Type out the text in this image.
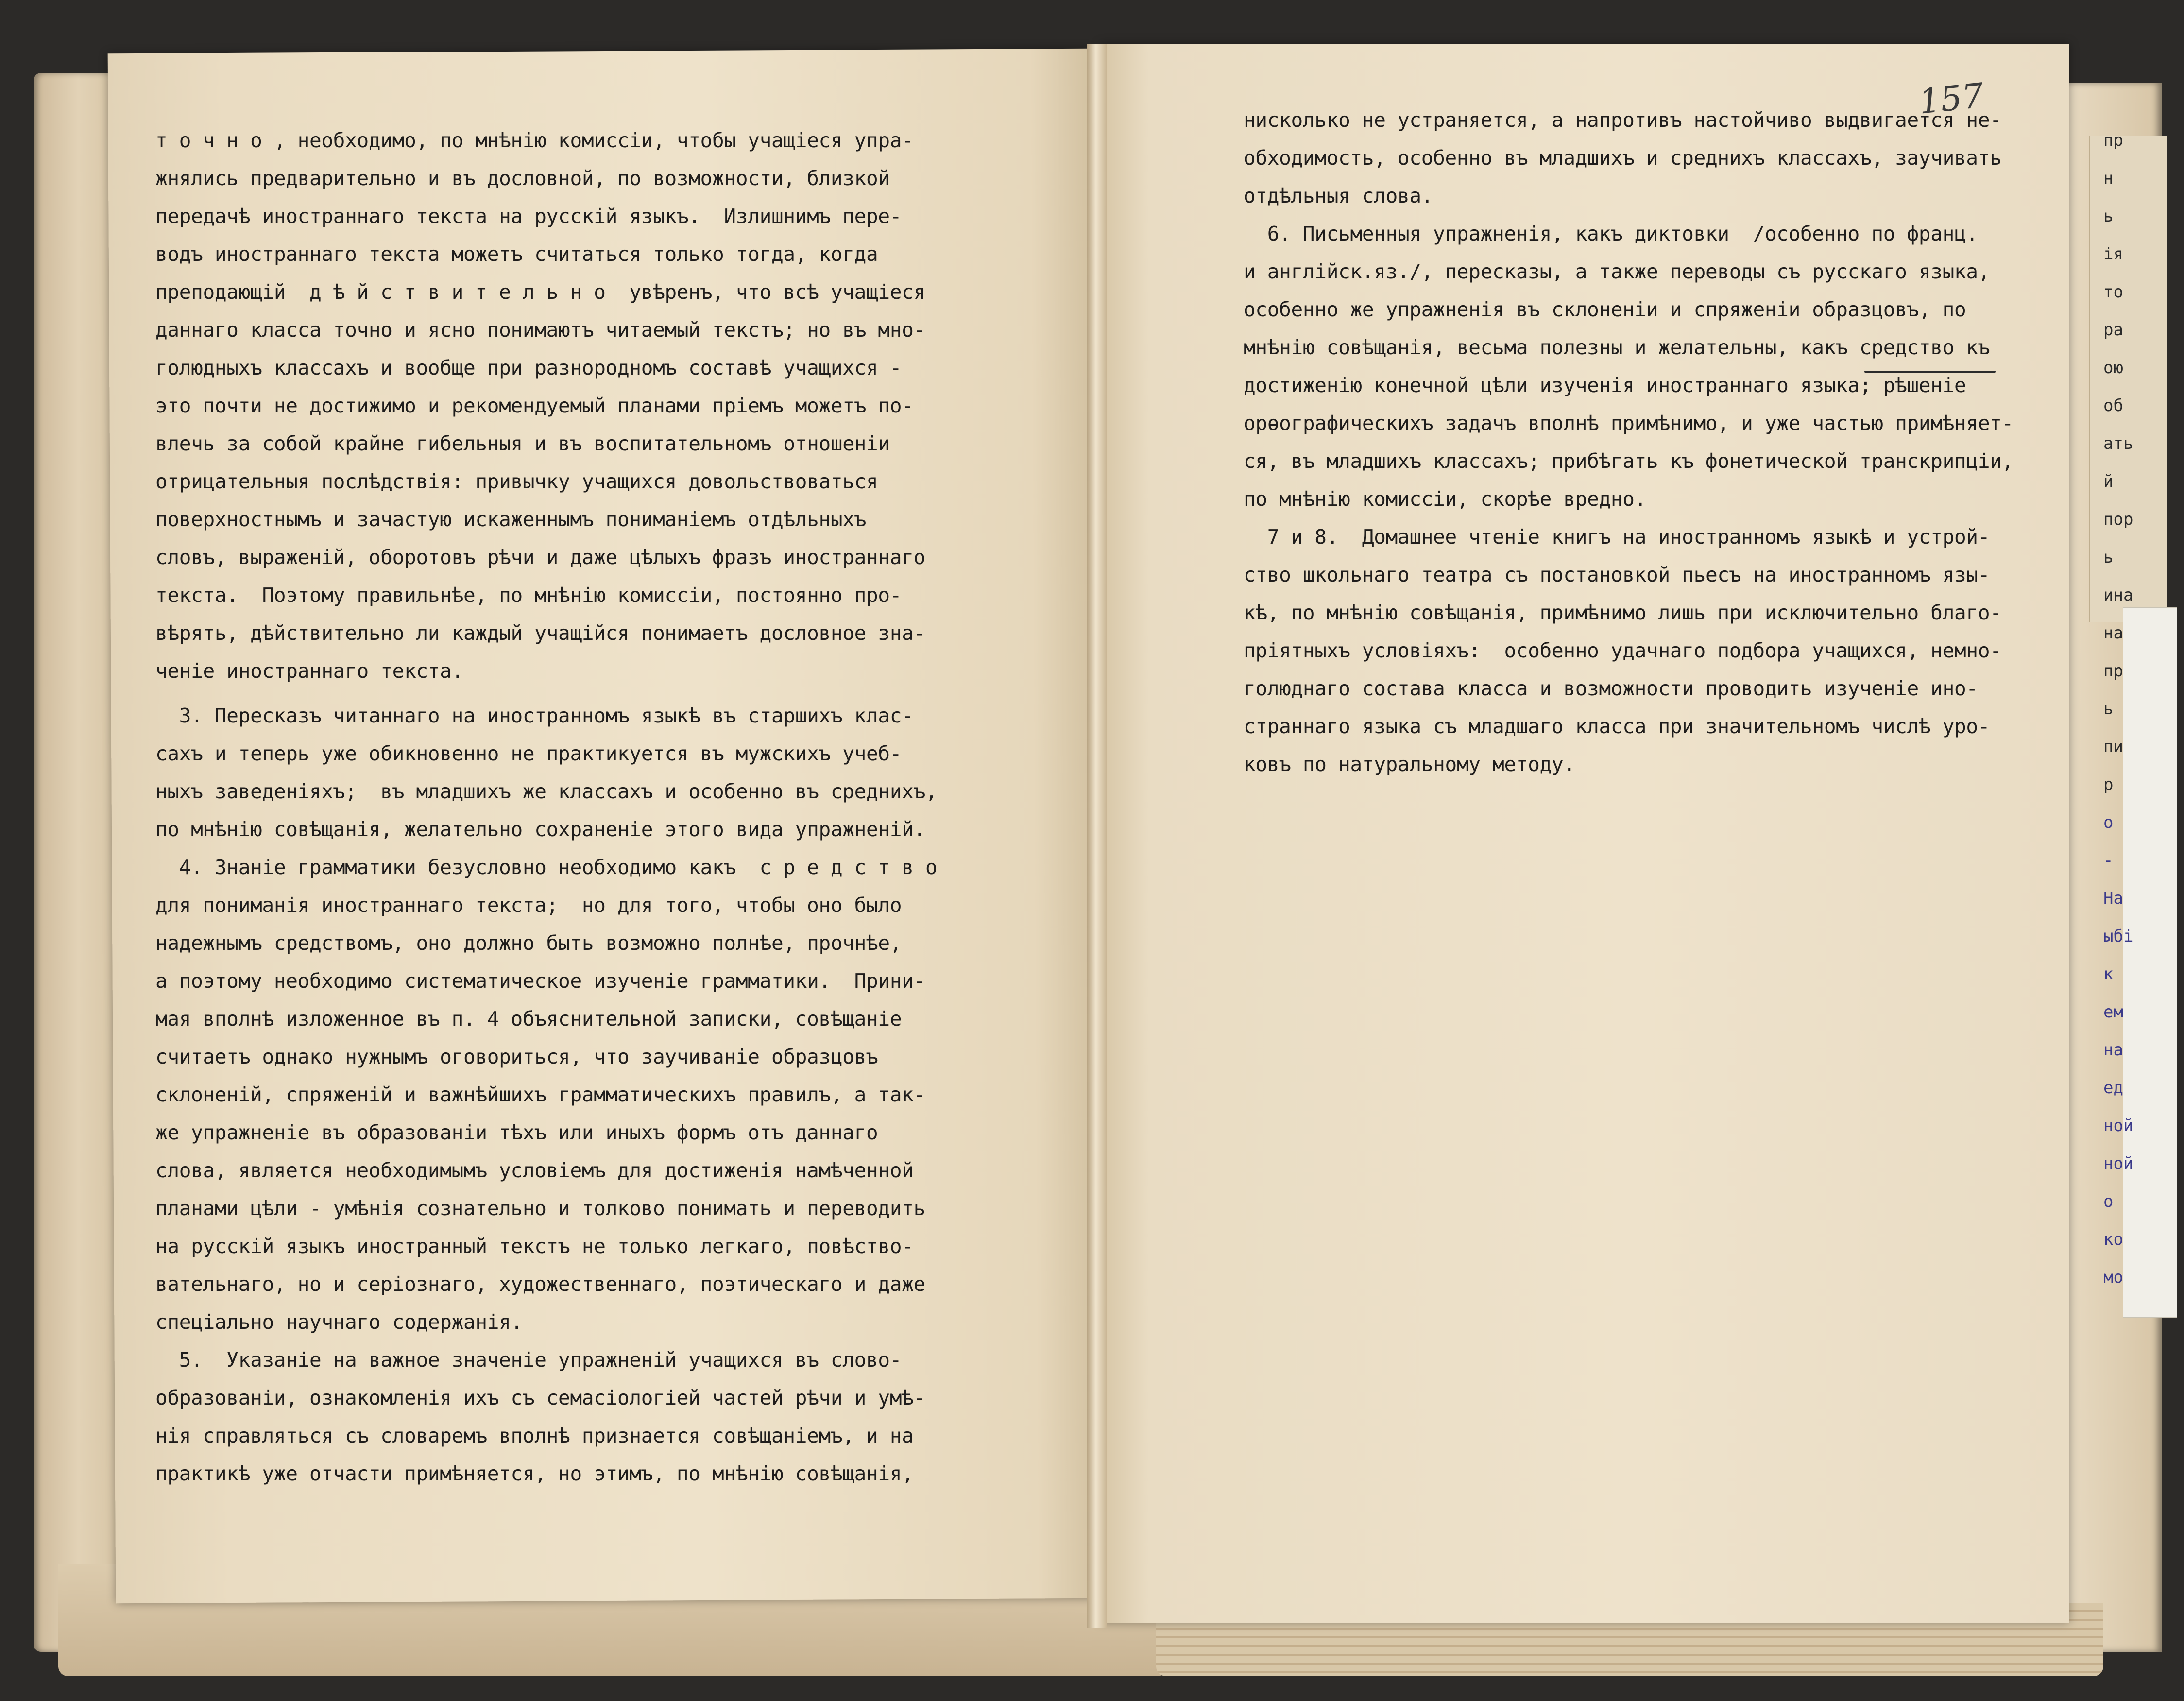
157
т о ч н о , необходимо, по мнѣнію комиссіи, чтобы учащіеся упра-
жнялись предварительно и въ дословной, по возможности, близкой
передачѣ иностраннаго текста на русскій языкъ.  Излишнимъ пере-
водъ иностраннаго текста можетъ считаться только тогда, когда
преподающій  д ѣ й с т в и т е л ь н о  увѣренъ, что всѣ учащіеся
даннаго класса точно и ясно понимаютъ читаемый текстъ; но въ мно-
голюдныхъ классахъ и вообще при разнородномъ составѣ учащихся -
это почти не достижимо и рекомендуемый планами пріемъ можетъ по-
влечь за собой крайне гибельныя и въ воспитательномъ отношеніи
отрицательныя послѣдствія: привычку учащихся довольствоваться
поверхностнымъ и зачастую искаженнымъ пониманіемъ отдѣльныхъ
словъ, выраженій, оборотовъ рѣчи и даже цѣлыхъ фразъ иностраннаго
текста.  Поэтому правильнѣе, по мнѣнію комиссіи, постоянно про-
вѣрять, дѣйствительно ли каждый учащійся понимаетъ дословное зна-
ченіе иностраннаго текста.
3. Пересказъ читаннаго на иностранномъ языкѣ въ старшихъ клас-
сахъ и теперь уже обикновенно не практикуется въ мужскихъ учеб-
ныхъ заведеніяхъ;  въ младшихъ же классахъ и особенно въ среднихъ,
по мнѣнію совѣщанія, желательно сохраненіе этого вида упражненій.
4. Знаніе грамматики безусловно необходимо какъ  с р е д с т в о
для пониманія иностраннаго текста;  но для того, чтобы оно было
надежнымъ средствомъ, оно должно быть возможно полнѣе, прочнѣе,
а поэтому необходимо систематическое изученіе грамматики.  Прини-
мая вполнѣ изложенное въ п. 4 объяснительной записки, совѣщаніе
считаетъ однако нужнымъ оговориться, что заучиваніе образцовъ
склоненій, спряженій и важнѣйшихъ грамматическихъ правилъ, а так-
же упражненіе въ образованіи тѣхъ или иныхъ формъ отъ даннаго
слова, является необходимымъ условіемъ для достиженія намѣченной
планами цѣли - умѣнія сознательно и толково понимать и переводить
на русскій языкъ иностранный текстъ не только легкаго, повѣство-
вательнаго, но и серіознаго, художественнаго, поэтическаго и даже
спеціально научнаго содержанія.
5.  Указаніе на важное значеніе упражненій учащихся въ слово-
образованіи, ознакомленія ихъ съ семасіологіей частей рѣчи и умѣ-
нія справляться съ словаремъ вполнѣ признается совѣщаніемъ, и на
практикѣ уже отчасти примѣняется, но этимъ, по мнѣнію совѣщанія,
нисколько не устраняется, а напротивъ настойчиво выдвигается не-
обходимость, особенно въ младшихъ и среднихъ классахъ, заучивать
отдѣльныя слова.
6. Письменныя упражненія, какъ диктовки  /особенно по франц.
и англійск.яз./, пересказы, а также переводы съ русскаго языка,
особенно же упражненія въ склоненіи и спряженіи образцовъ, по
мнѣнію совѣщанія, весьма полезны и желательны, какъ средство къ
достиженію конечной цѣли изученія иностраннаго языка; рѣшеніе
орѳографическихъ задачъ вполнѣ примѣнимо, и уже частью примѣняет-
ся, въ младшихъ классахъ; прибѣгать къ фонетической транскрипціи,
по мнѣнію комиссіи, скорѣе вредно.
7 и 8.  Домашнее чтеніе книгъ на иностранномъ языкѣ и устрой-
ство школьнаго театра съ постановкой пьесъ на иностранномъ язы-
кѣ, по мнѣнію совѣщанія, примѣнимо лишь при исключительно благо-
пріятныхъ условіяхъ:  особенно удачнаго подбора учащихся, немно-
голюднаго состава класса и возможности проводить изученіе ино-
страннаго языка съ младшаго класса при значительномъ числѣ уро-
ковъ по натуральному методу.
пр
н
ь
ія
то
ра
ою
об
ать
й
пор
ь
ина
на
пр
ь
пи
р
о
-
На
ыбі
к
ем
на
ед
ной
ной
о
ко
мо
